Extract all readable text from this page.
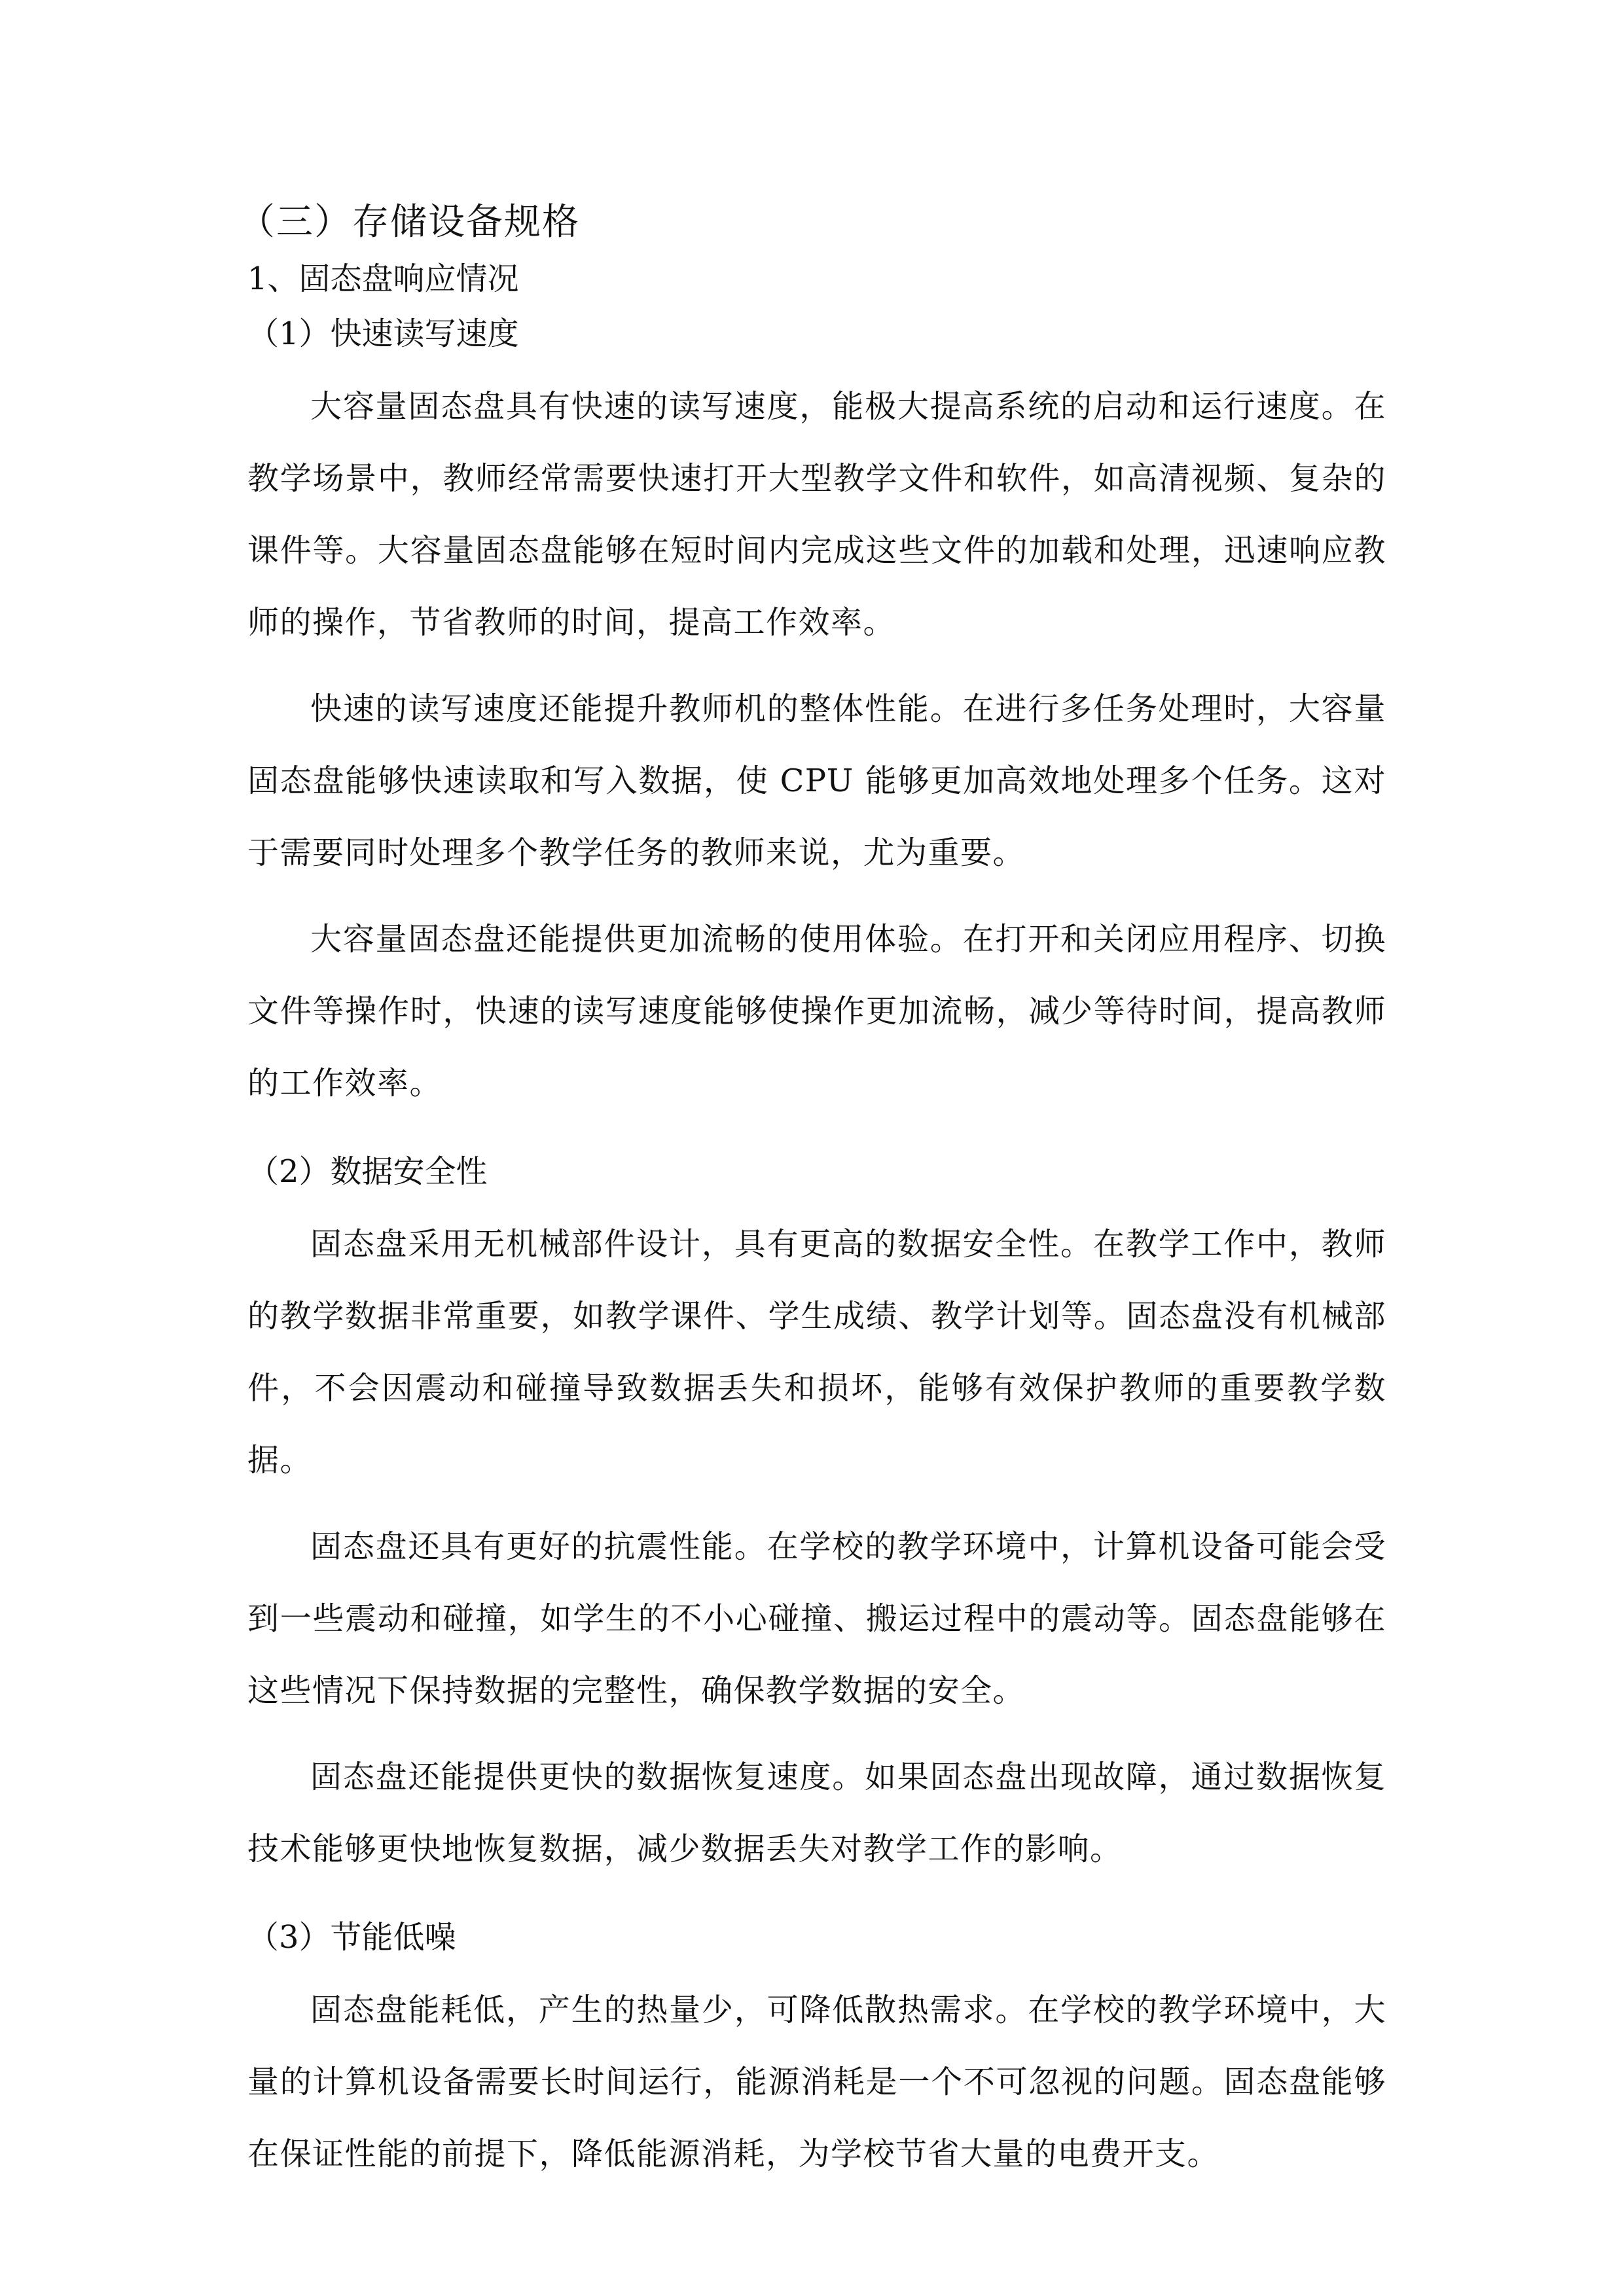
（三）存储设备规格
1、固态盘响应情况
（1）快速读写速度

大容量固态盘具有快速的读写速度，能极大提高系统的启动和运行速度。在教学场景中，教师经常需要快速打开大型教学文件和软件，如高清视频、复杂的课件等。大容量固态盘能够在短时间内完成这些文件的加载和处理，迅速响应教师的操作，节省教师的时间，提高工作效率。

快速的读写速度还能提升教师机的整体性能。在进行多任务处理时，大容量固态盘能够快速读取和写入数据，使 CPU 能够更加高效地处理多个任务。这对于需要同时处理多个教学任务的教师来说，尤为重要。

大容量固态盘还能提供更加流畅的使用体验。在打开和关闭应用程序、切换文件等操作时，快速的读写速度能够使操作更加流畅，减少等待时间，提高教师的工作效率。

（2）数据安全性

固态盘采用无机械部件设计，具有更高的数据安全性。在教学工作中，教师的教学数据非常重要，如教学课件、学生成绩、教学计划等。固态盘没有机械部件，不会因震动和碰撞导致数据丢失和损坏，能够有效保护教师的重要教学数据。

固态盘还具有更好的抗震性能。在学校的教学环境中，计算机设备可能会受到一些震动和碰撞，如学生的不小心碰撞、搬运过程中的震动等。固态盘能够在这些情况下保持数据的完整性，确保教学数据的安全。

固态盘还能提供更快的数据恢复速度。如果固态盘出现故障，通过数据恢复技术能够更快地恢复数据，减少数据丢失对教学工作的影响。

（3）节能低噪

固态盘能耗低，产生的热量少，可降低散热需求。在学校的教学环境中，大量的计算机设备需要长时间运行，能源消耗是一个不可忽视的问题。固态盘能够在保证性能的前提下，降低能源消耗，为学校节省大量的电费开支。
